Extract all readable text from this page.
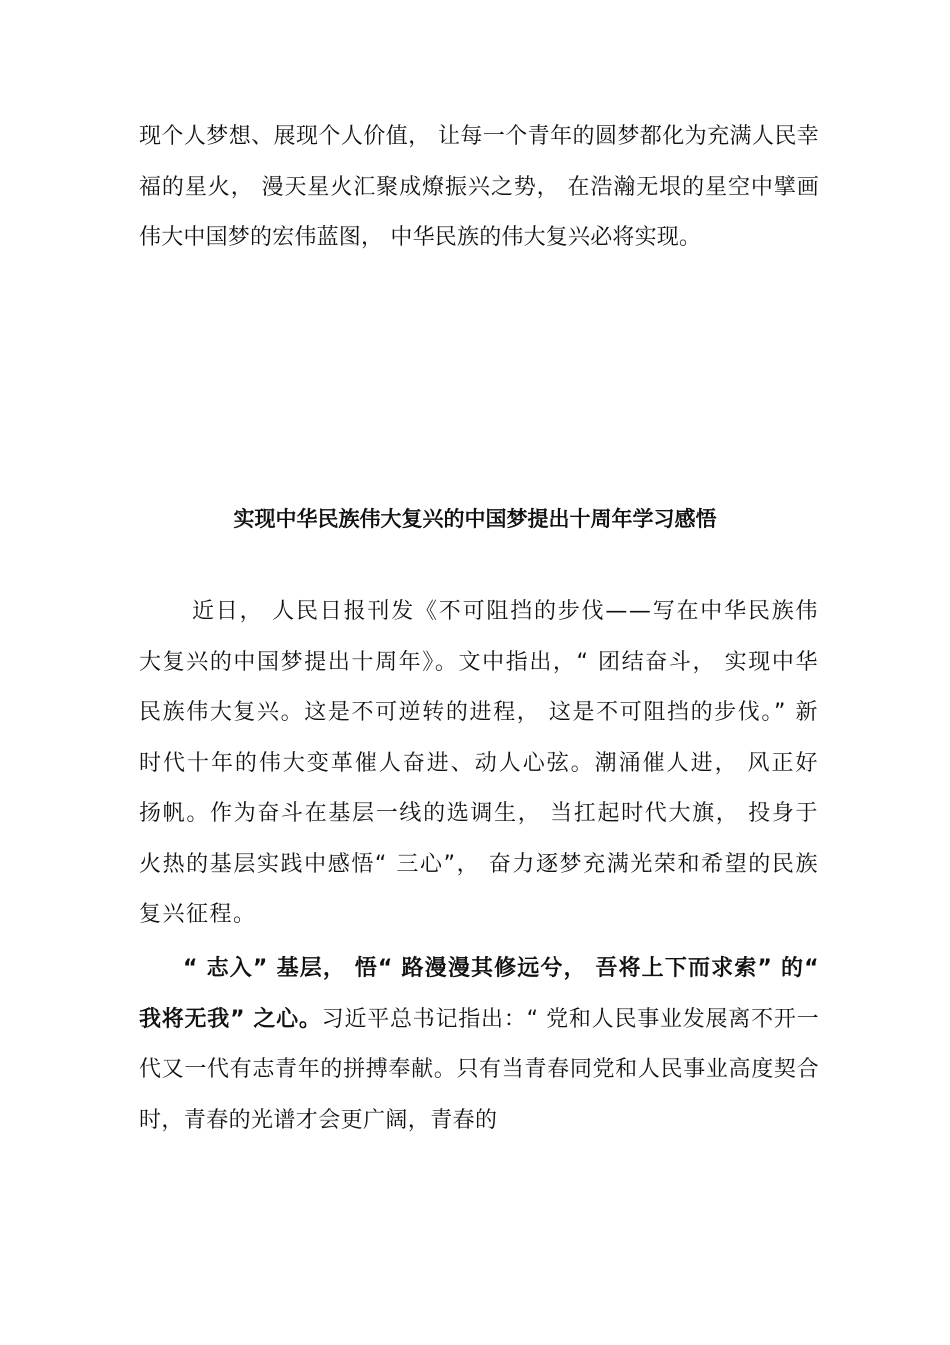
现个人梦想、展现个人价值， 让每一个青年的圆梦都化为充满人民幸福的星火， 漫天星火汇聚成燎振兴之势， 在浩瀚无垠的星空中擘画伟大中国梦的宏伟蓝图， 中华民族的伟大复兴必将实现。

实现中华民族伟大复兴的中国梦提出十周年学习感悟

近日， 人民日报刊发《不可阻挡的步伐——写在中华民族伟大复兴的中国梦提出十周年》。文中指出，“ 团结奋斗， 实现中华民族伟大复兴。这是不可逆转的进程， 这是不可阻挡的步伐。” 新时代十年的伟大变革催人奋进、动人心弦。潮涌催人进， 风正好扬帆。作为奋斗在基层一线的选调生， 当扛起时代大旗， 投身于火热的基层实践中感悟“ 三心”， 奋力逐梦充满光荣和希望的民族复兴征程。

“ 志入” 基层， 悟“ 路漫漫其修远兮， 吾将上下而求索” 的“ 我将无我” 之心。习近平总书记指出：“ 党和人民事业发展离不开一代又一代有志青年的拼搏奉献。只有当青春同党和人民事业高度契合时，青春的光谱才会更广阔，青春的
